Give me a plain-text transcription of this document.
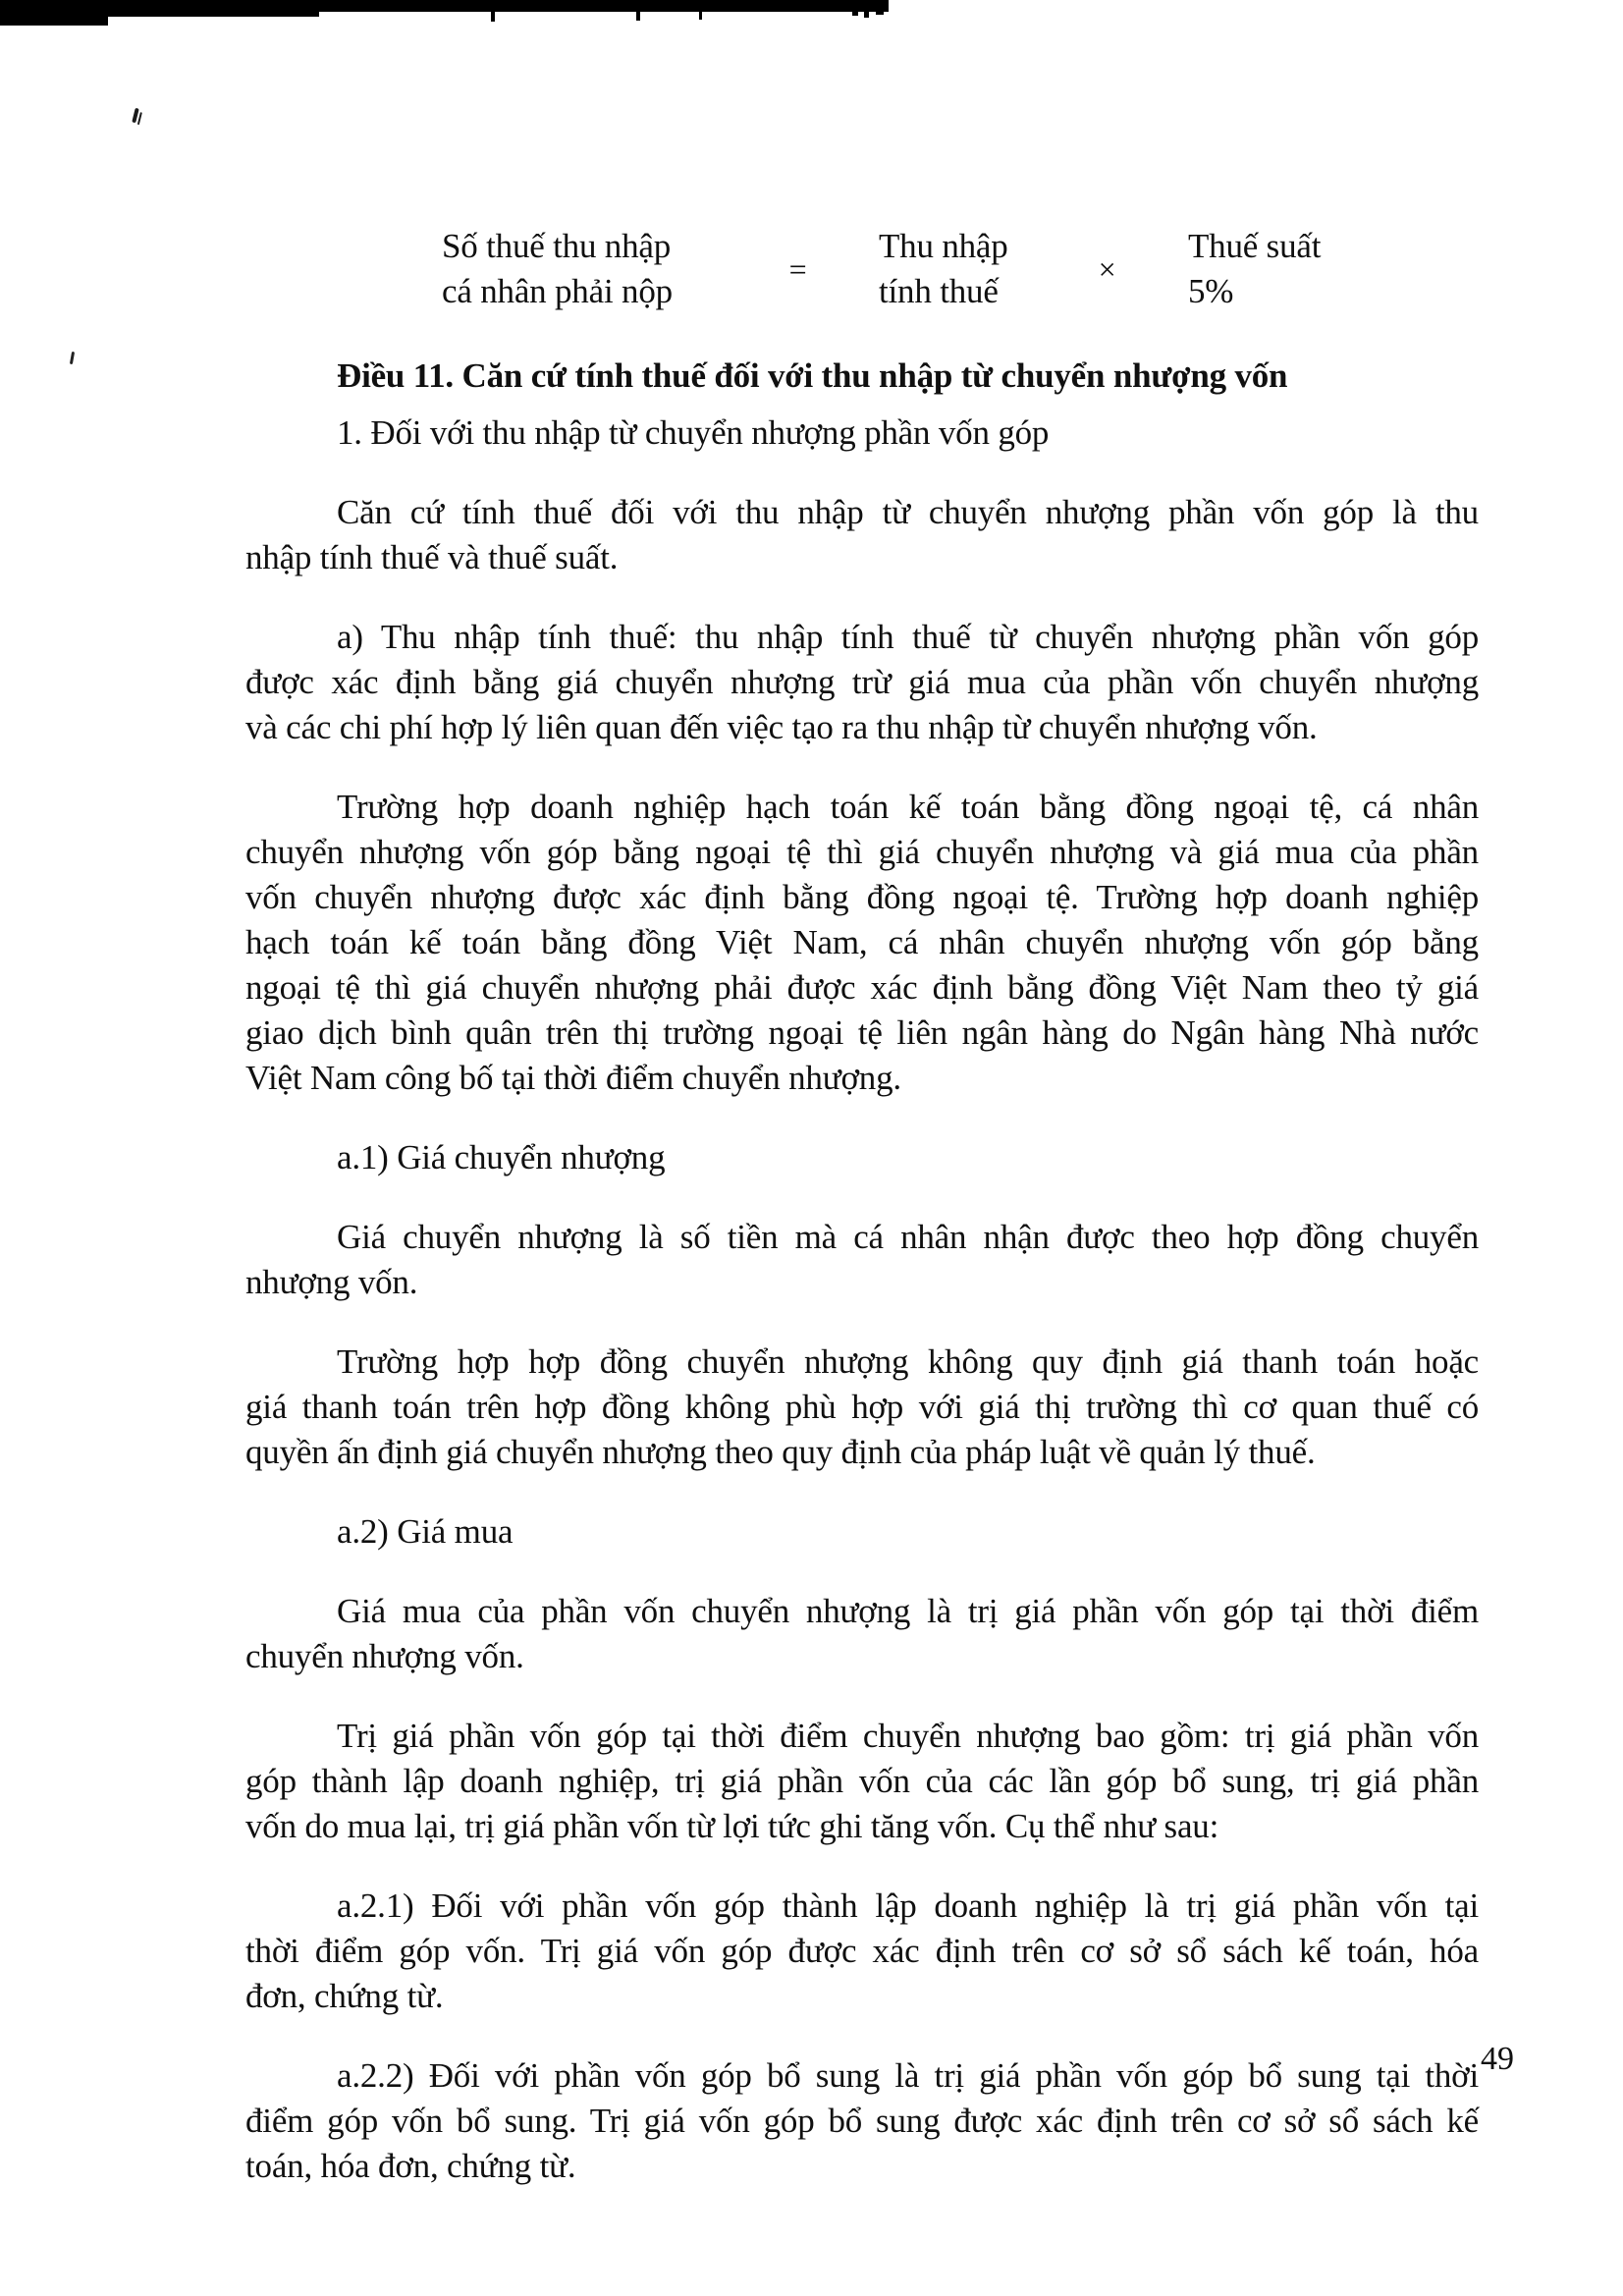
Số thuế thu nhập
cá nhân phải nộp
=
Thu nhập
tính thuế
×
Thuế suất
5%
Điều 11. Căn cứ tính thuế đối với thu nhập từ chuyển nhượng vốn

1. Đối với thu nhập từ chuyển nhượng phần vốn góp

Căn cứ tính thuế đối với thu nhập từ chuyển nhượng phần vốn góp là thu
nhập tính thuế và thuế suất.

a) Thu nhập tính thuế: thu nhập tính thuế từ chuyển nhượng phần vốn góp
được xác định bằng giá chuyển nhượng trừ giá mua của phần vốn chuyển nhượng
và các chi phí hợp lý liên quan đến việc tạo ra thu nhập từ chuyển nhượng vốn.

Trường hợp doanh nghiệp hạch toán kế toán bằng đồng ngoại tệ, cá nhân
chuyển nhượng vốn góp bằng ngoại tệ thì giá chuyển nhượng và giá mua của phần
vốn chuyển nhượng được xác định bằng đồng ngoại tệ. Trường hợp doanh nghiệp
hạch toán kế toán bằng đồng Việt Nam, cá nhân chuyển nhượng vốn góp bằng
ngoại tệ thì giá chuyển nhượng phải được xác định bằng đồng Việt Nam theo tỷ giá
giao dịch bình quân trên thị trường ngoại tệ liên ngân hàng do Ngân hàng Nhà nước
Việt Nam công bố tại thời điểm chuyển nhượng.

a.1) Giá chuyển nhượng

Giá chuyển nhượng là số tiền mà cá nhân nhận được theo hợp đồng chuyển
nhượng vốn.

Trường hợp hợp đồng chuyển nhượng không quy định giá thanh toán hoặc
giá thanh toán trên hợp đồng không phù hợp với giá thị trường thì cơ quan thuế có
quyền ấn định giá chuyển nhượng theo quy định của pháp luật về quản lý thuế.

a.2) Giá mua

Giá mua của phần vốn chuyển nhượng là trị giá phần vốn góp tại thời điểm
chuyển nhượng vốn.

Trị giá phần vốn góp tại thời điểm chuyển nhượng bao gồm: trị giá phần vốn
góp thành lập doanh nghiệp, trị giá phần vốn của các lần góp bổ sung, trị giá phần
vốn do mua lại, trị giá phần vốn từ lợi tức ghi tăng vốn. Cụ thể như sau:

a.2.1) Đối với phần vốn góp thành lập doanh nghiệp là trị giá phần vốn tại
thời điểm góp vốn. Trị giá vốn góp được xác định trên cơ sở sổ sách kế toán, hóa
đơn, chứng từ.

a.2.2) Đối với phần vốn góp bổ sung là trị giá phần vốn góp bổ sung tại thời
điểm góp vốn bổ sung. Trị giá vốn góp bổ sung được xác định trên cơ sở sổ sách kế
toán, hóa đơn, chứng từ.

49
